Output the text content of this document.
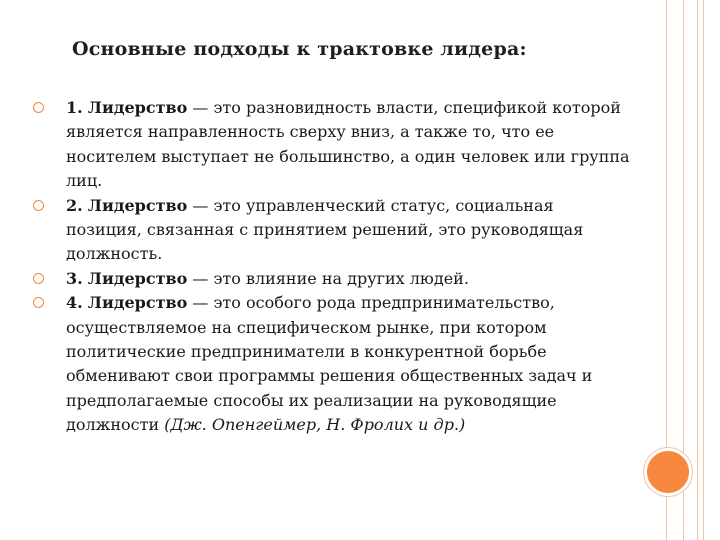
Основные подходы к трактовке лидера:
1. Лидерство — это разновидность власти, спецификой которой является направленность сверху вниз, а также то, что ее носителем выступает не большинство, а один человек или группа лиц.
2. Лидерство — это управленческий статус, социальная позиция, связанная с принятием решений, это руководящая должность.
3. Лидерство — это влияние на других людей.
4. Лидерство — это особого рода предпринимательство, осуществляемое на специфическом рынке, при котором политические предприниматели в конкурентной борьбе обменивают свои программы решения общественных задач и предполагаемые способы их реализации на руководящие должности (Дж. Опенгеймер, Н. Фролих и др.)
